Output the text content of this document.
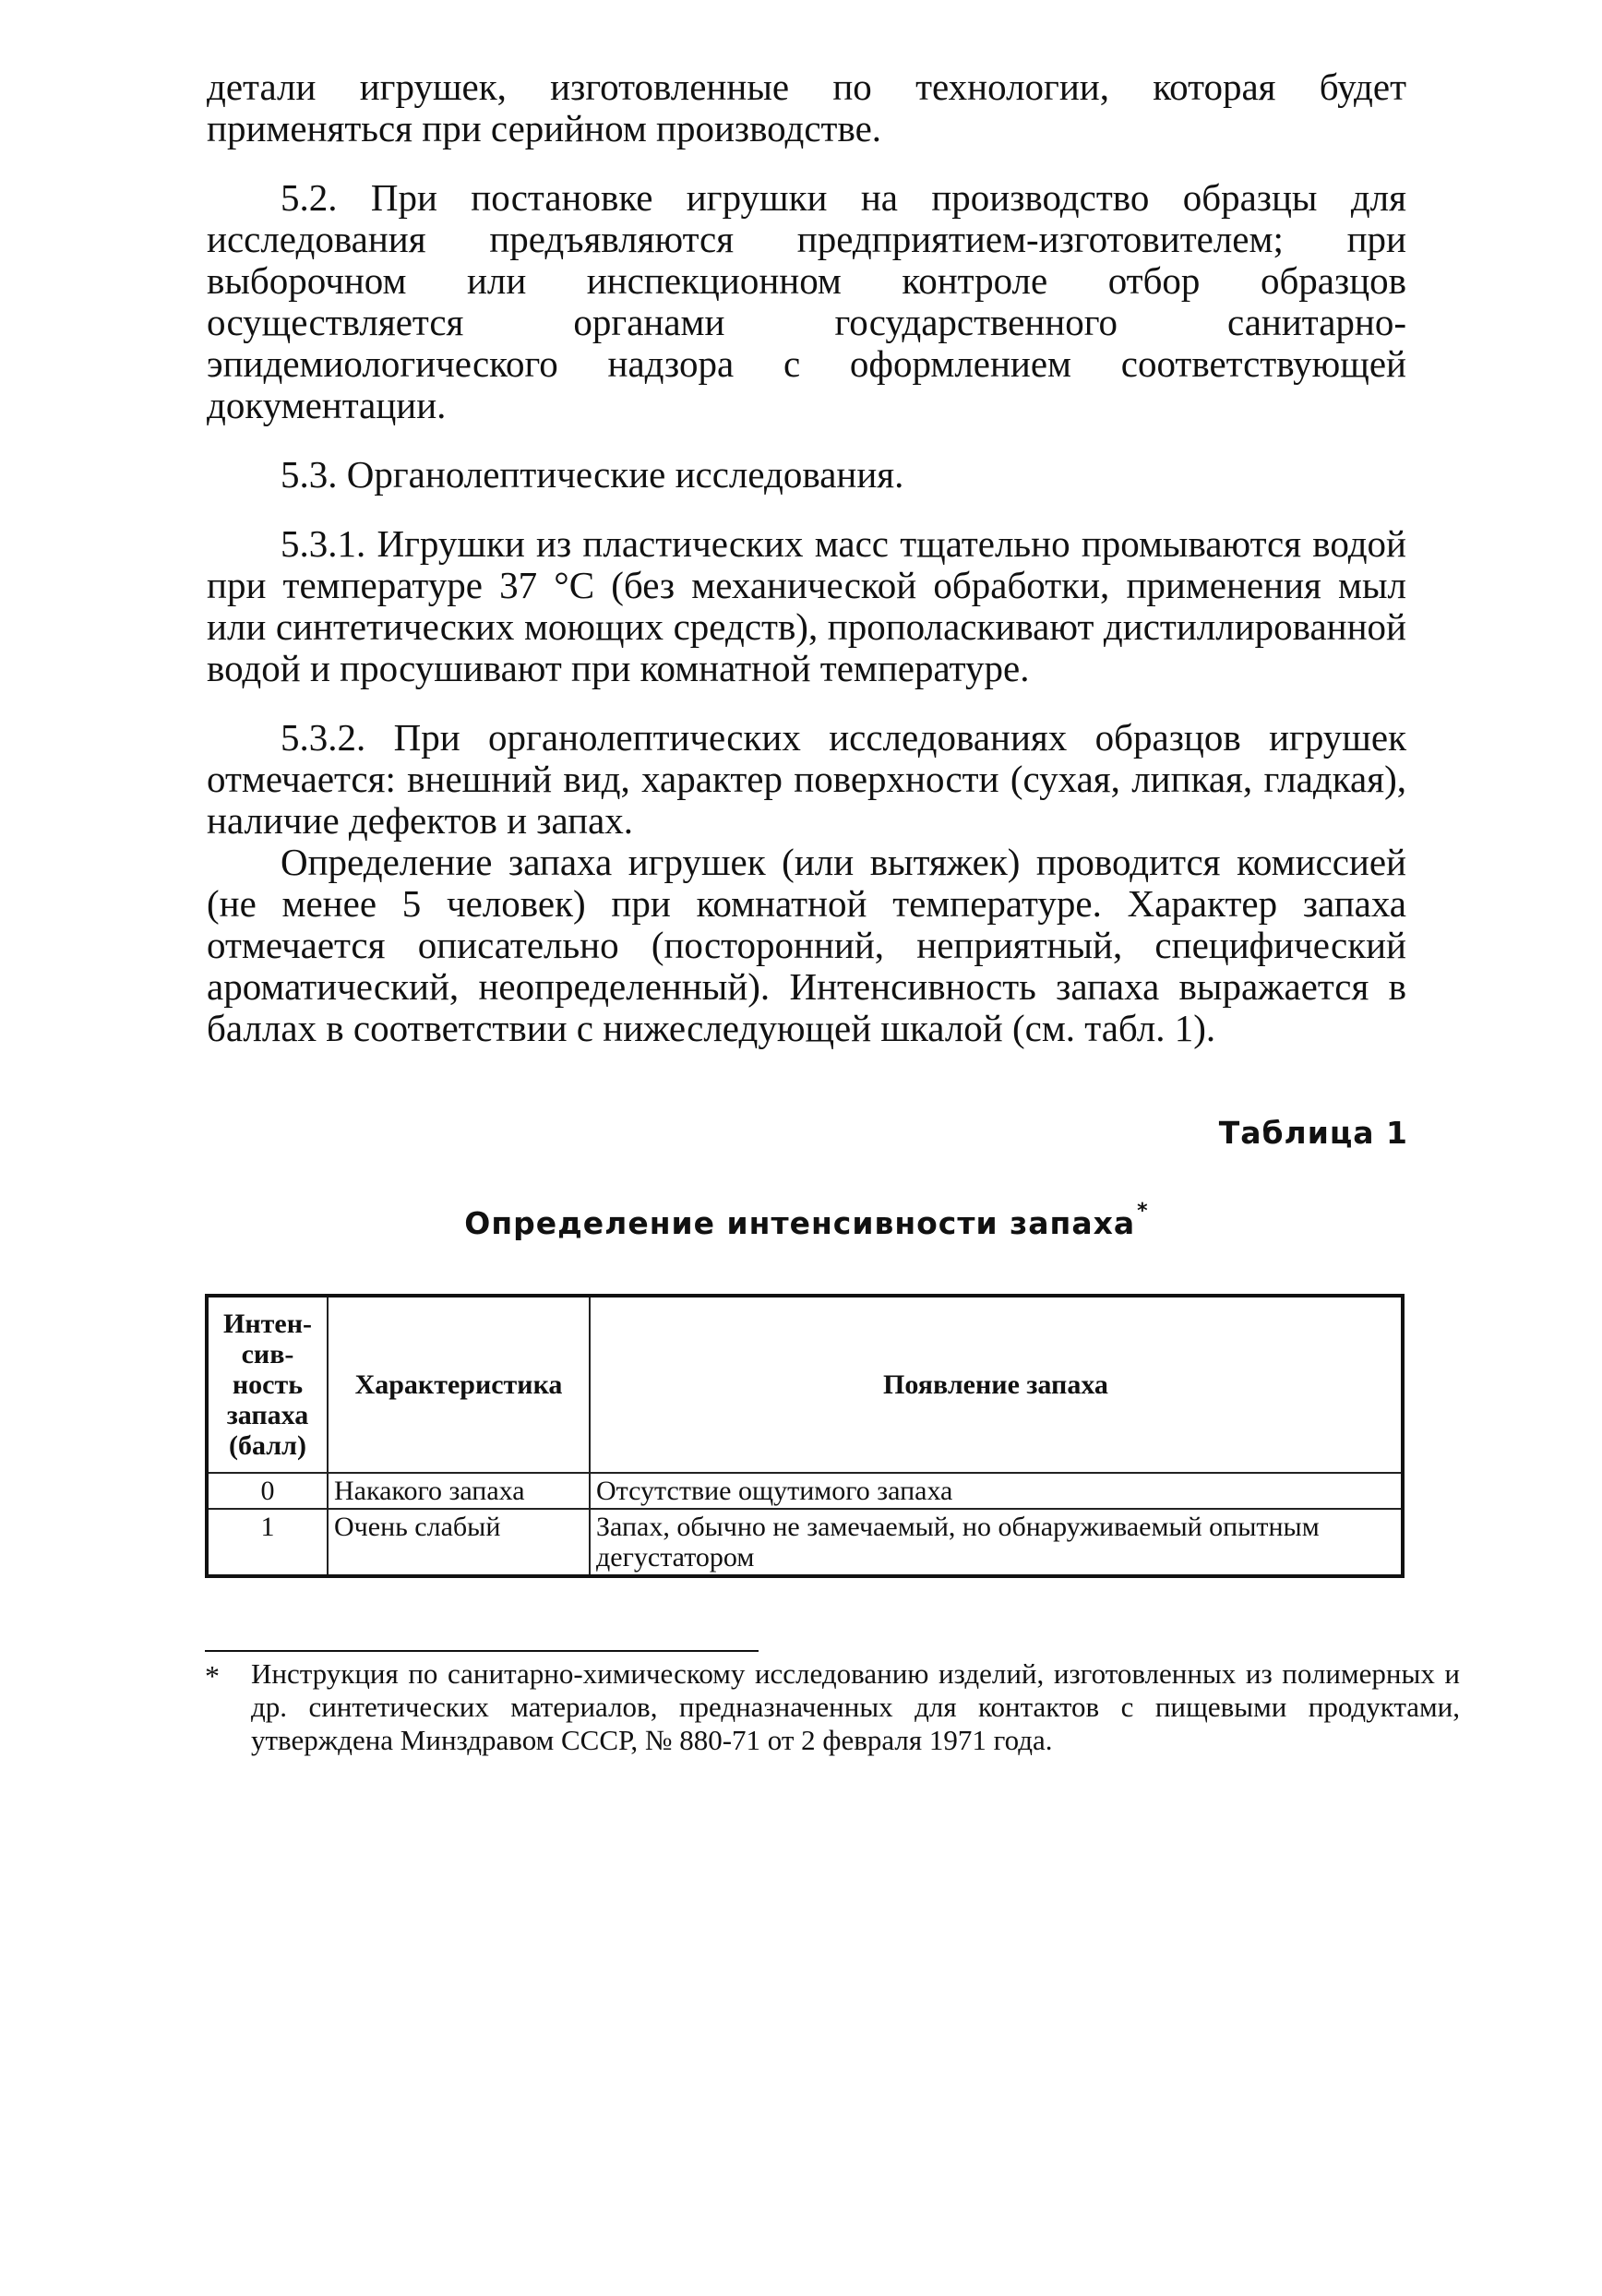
детали игрушек, изготовленные по технологии, которая будет применяться при серийном производстве.

5.2. При постановке игрушки на производство образцы для исследования предъявляются предприятием-изготовителем; при выборочном или инспекционном контроле отбор образцов осуществляется органами государственного санитарно-эпидемиологического надзора с оформлением соответствующей документации.

5.3. Органолептические исследования.

5.3.1. Игрушки из пластических масс тщательно промываются водой при температуре 37 °С (без механической обработки, применения мыл или синтетических моющих средств), прополаскивают дистиллированной водой и просушивают при комнатной температуре.

5.3.2. При органолептических исследованиях образцов игрушек отмечается: внешний вид, характер поверхности (сухая, липкая, гладкая), наличие дефектов и запах.

Определение запаха игрушек (или вытяжек) проводится комиссией (не менее 5 человек) при комнатной температуре. Характер запаха отмечается описательно (посторонний, неприятный, специфический ароматический, неопределенный). Интенсивность запаха выражается в баллах в соответствии с нижеследующей шкалой (см. табл. 1).

Таблица 1
Определение интенсивности запаха*
Интен-сив-ность запаха (балл)	Характеристика	Появление запаха
0	Накакого запаха	Отсутствие ощутимого запаха
1	Очень слабый	Запах, обычно не замечаемый, но обнаруживаемый опытным дегустатором
* Инструкция по санитарно-химическому исследованию изделий, изготовленных из полимерных и др. синтетических материалов, предназначенных для контактов с пищевыми продуктами, утверждена Минздравом СССР, № 880-71 от 2 февраля 1971 года.
